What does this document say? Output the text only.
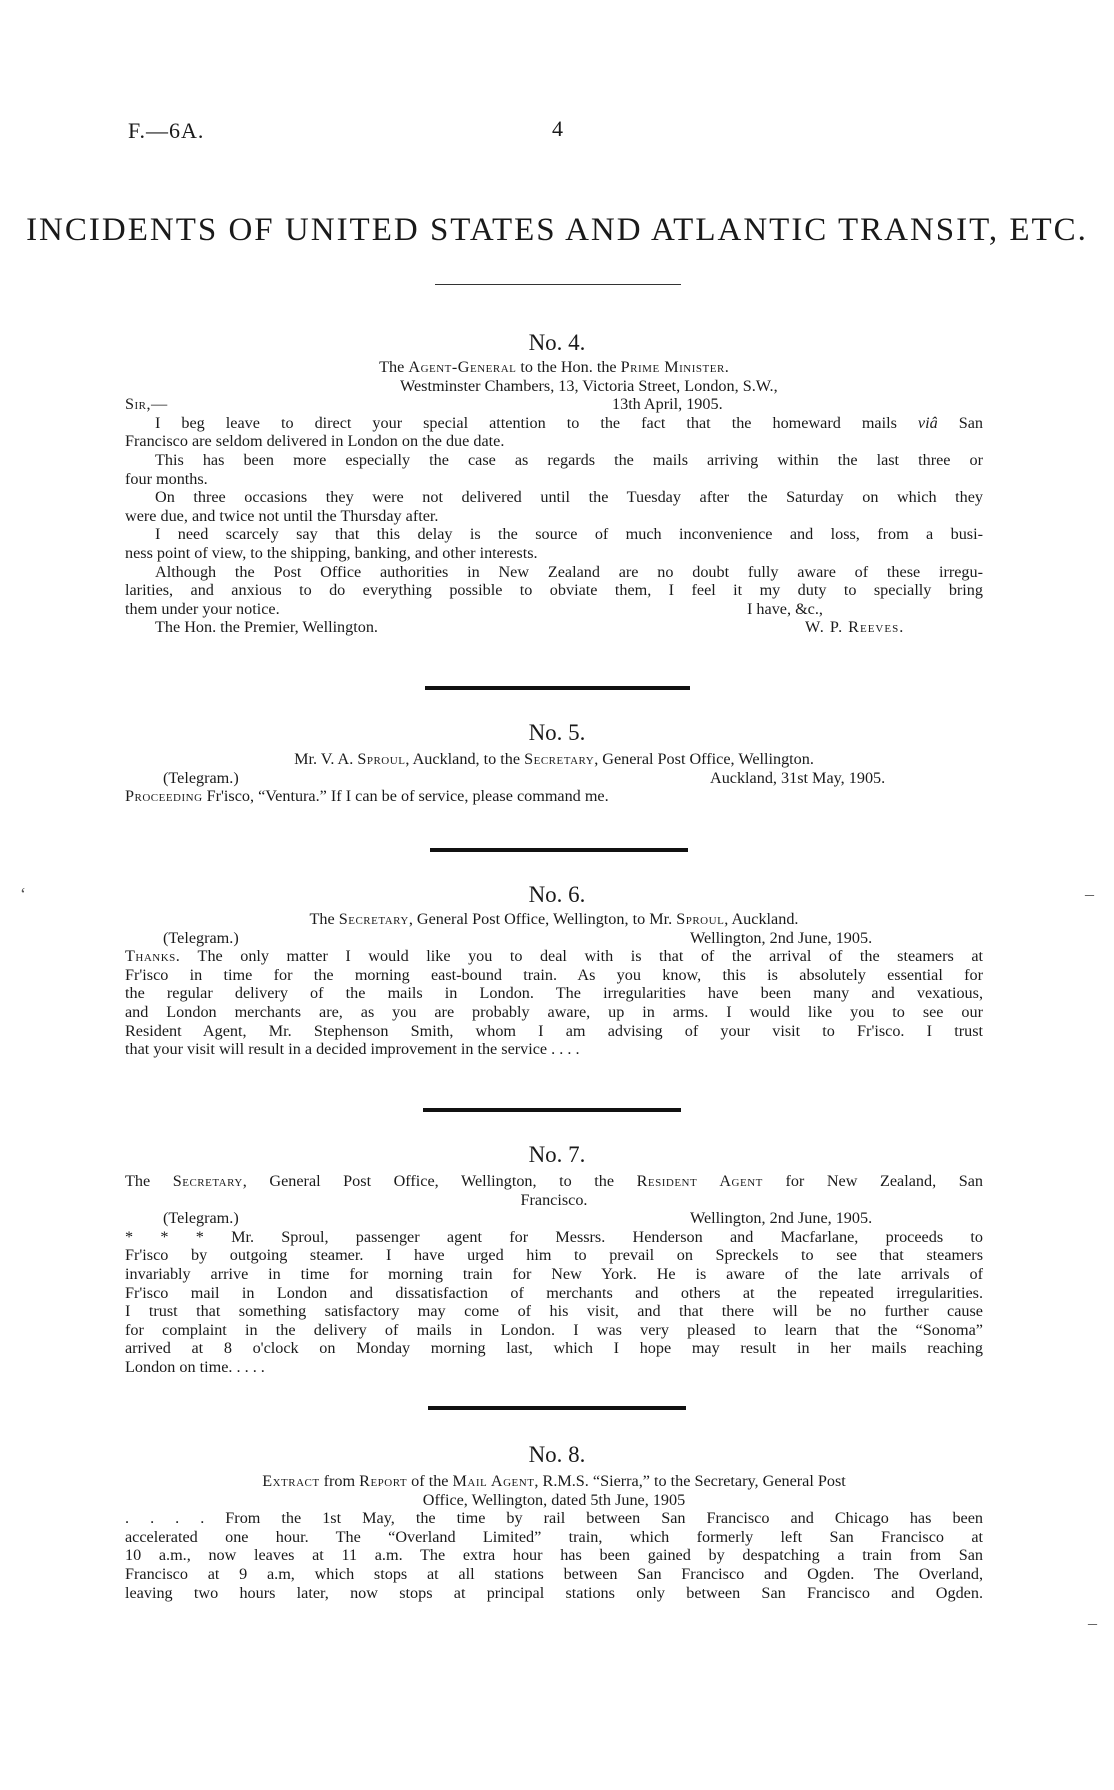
F.—6A.	4
INCIDENTS OF UNITED STATES AND ATLANTIC TRANSIT, ETC.
No. 4.
The Agent-General to the Hon. the Prime Minister.
Westminster Chambers, 13, Victoria Street, London, S.W.,
Sir,—	13th April, 1905.
I beg leave to direct your special attention to the fact that the homeward mails viâ San
Francisco are seldom delivered in London on the due date.
This has been more especially the case as regards the mails arriving within the last three or
four months.
On three occasions they were not delivered until the Tuesday after the Saturday on which they
were due, and twice not until the Thursday after.
I need scarcely say that this delay is the source of much inconvenience and loss, from a busi-
ness point of view, to the shipping, banking, and other interests.
Although the Post Office authorities in New Zealand are no doubt fully aware of these irregu-
larities, and anxious to do everything possible to obviate them, I feel it my duty to specially bring
them under your notice.	I have, &c.,
The Hon. the Premier, Wellington.	W. P. Reeves.
No. 5.
Mr. V. A. Sproul, Auckland, to the Secretary, General Post Office, Wellington.
(Telegram.)	Auckland, 31st May, 1905.
Proceeding Fr'isco, “Ventura.” If I can be of service, please command me.
No. 6.
The Secretary, General Post Office, Wellington, to Mr. Sproul, Auckland.
(Telegram.)	Wellington, 2nd June, 1905.
Thanks. The only matter I would like you to deal with is that of the arrival of the steamers at
Fr'isco in time for the morning east-bound train. As you know, this is absolutely essential for
the regular delivery of the mails in London. The irregularities have been many and vexatious,
and London merchants are, as you are probably aware, up in arms. I would like you to see our
Resident Agent, Mr. Stephenson Smith, whom I am advising of your visit to Fr'isco. I trust
that your visit will result in a decided improvement in the service . . . .
No. 7.
The Secretary, General Post Office, Wellington, to the Resident Agent for New Zealand, San
Francisco.
(Telegram.)	Wellington, 2nd June, 1905.
* * * Mr. Sproul, passenger agent for Messrs. Henderson and Macfarlane, proceeds to
Fr'isco by outgoing steamer. I have urged him to prevail on Spreckels to see that steamers
invariably arrive in time for morning train for New York. He is aware of the late arrivals of
Fr'isco mail in London and dissatisfaction of merchants and others at the repeated irregularities.
I trust that something satisfactory may come of his visit, and that there will be no further cause
for complaint in the delivery of mails in London. I was very pleased to learn that the “Sonoma”
arrived at 8 o'clock on Monday morning last, which I hope may result in her mails reaching
London on time. . . . .
No. 8.
Extract from Report of the Mail Agent, R.M.S. “Sierra,” to the Secretary, General Post
Office, Wellington, dated 5th June, 1905
. . . . From the 1st May, the time by rail between San Francisco and Chicago has been
accelerated one hour. The “Overland Limited” train, which formerly left San Francisco at
10 a.m., now leaves at 11 a.m. The extra hour has been gained by despatching a train from San
Francisco at 9 a.m, which stops at all stations between San Francisco and Ogden. The Overland,
leaving two hours later, now stops at principal stations only between San Francisco and Ogden.
‘	–
–
